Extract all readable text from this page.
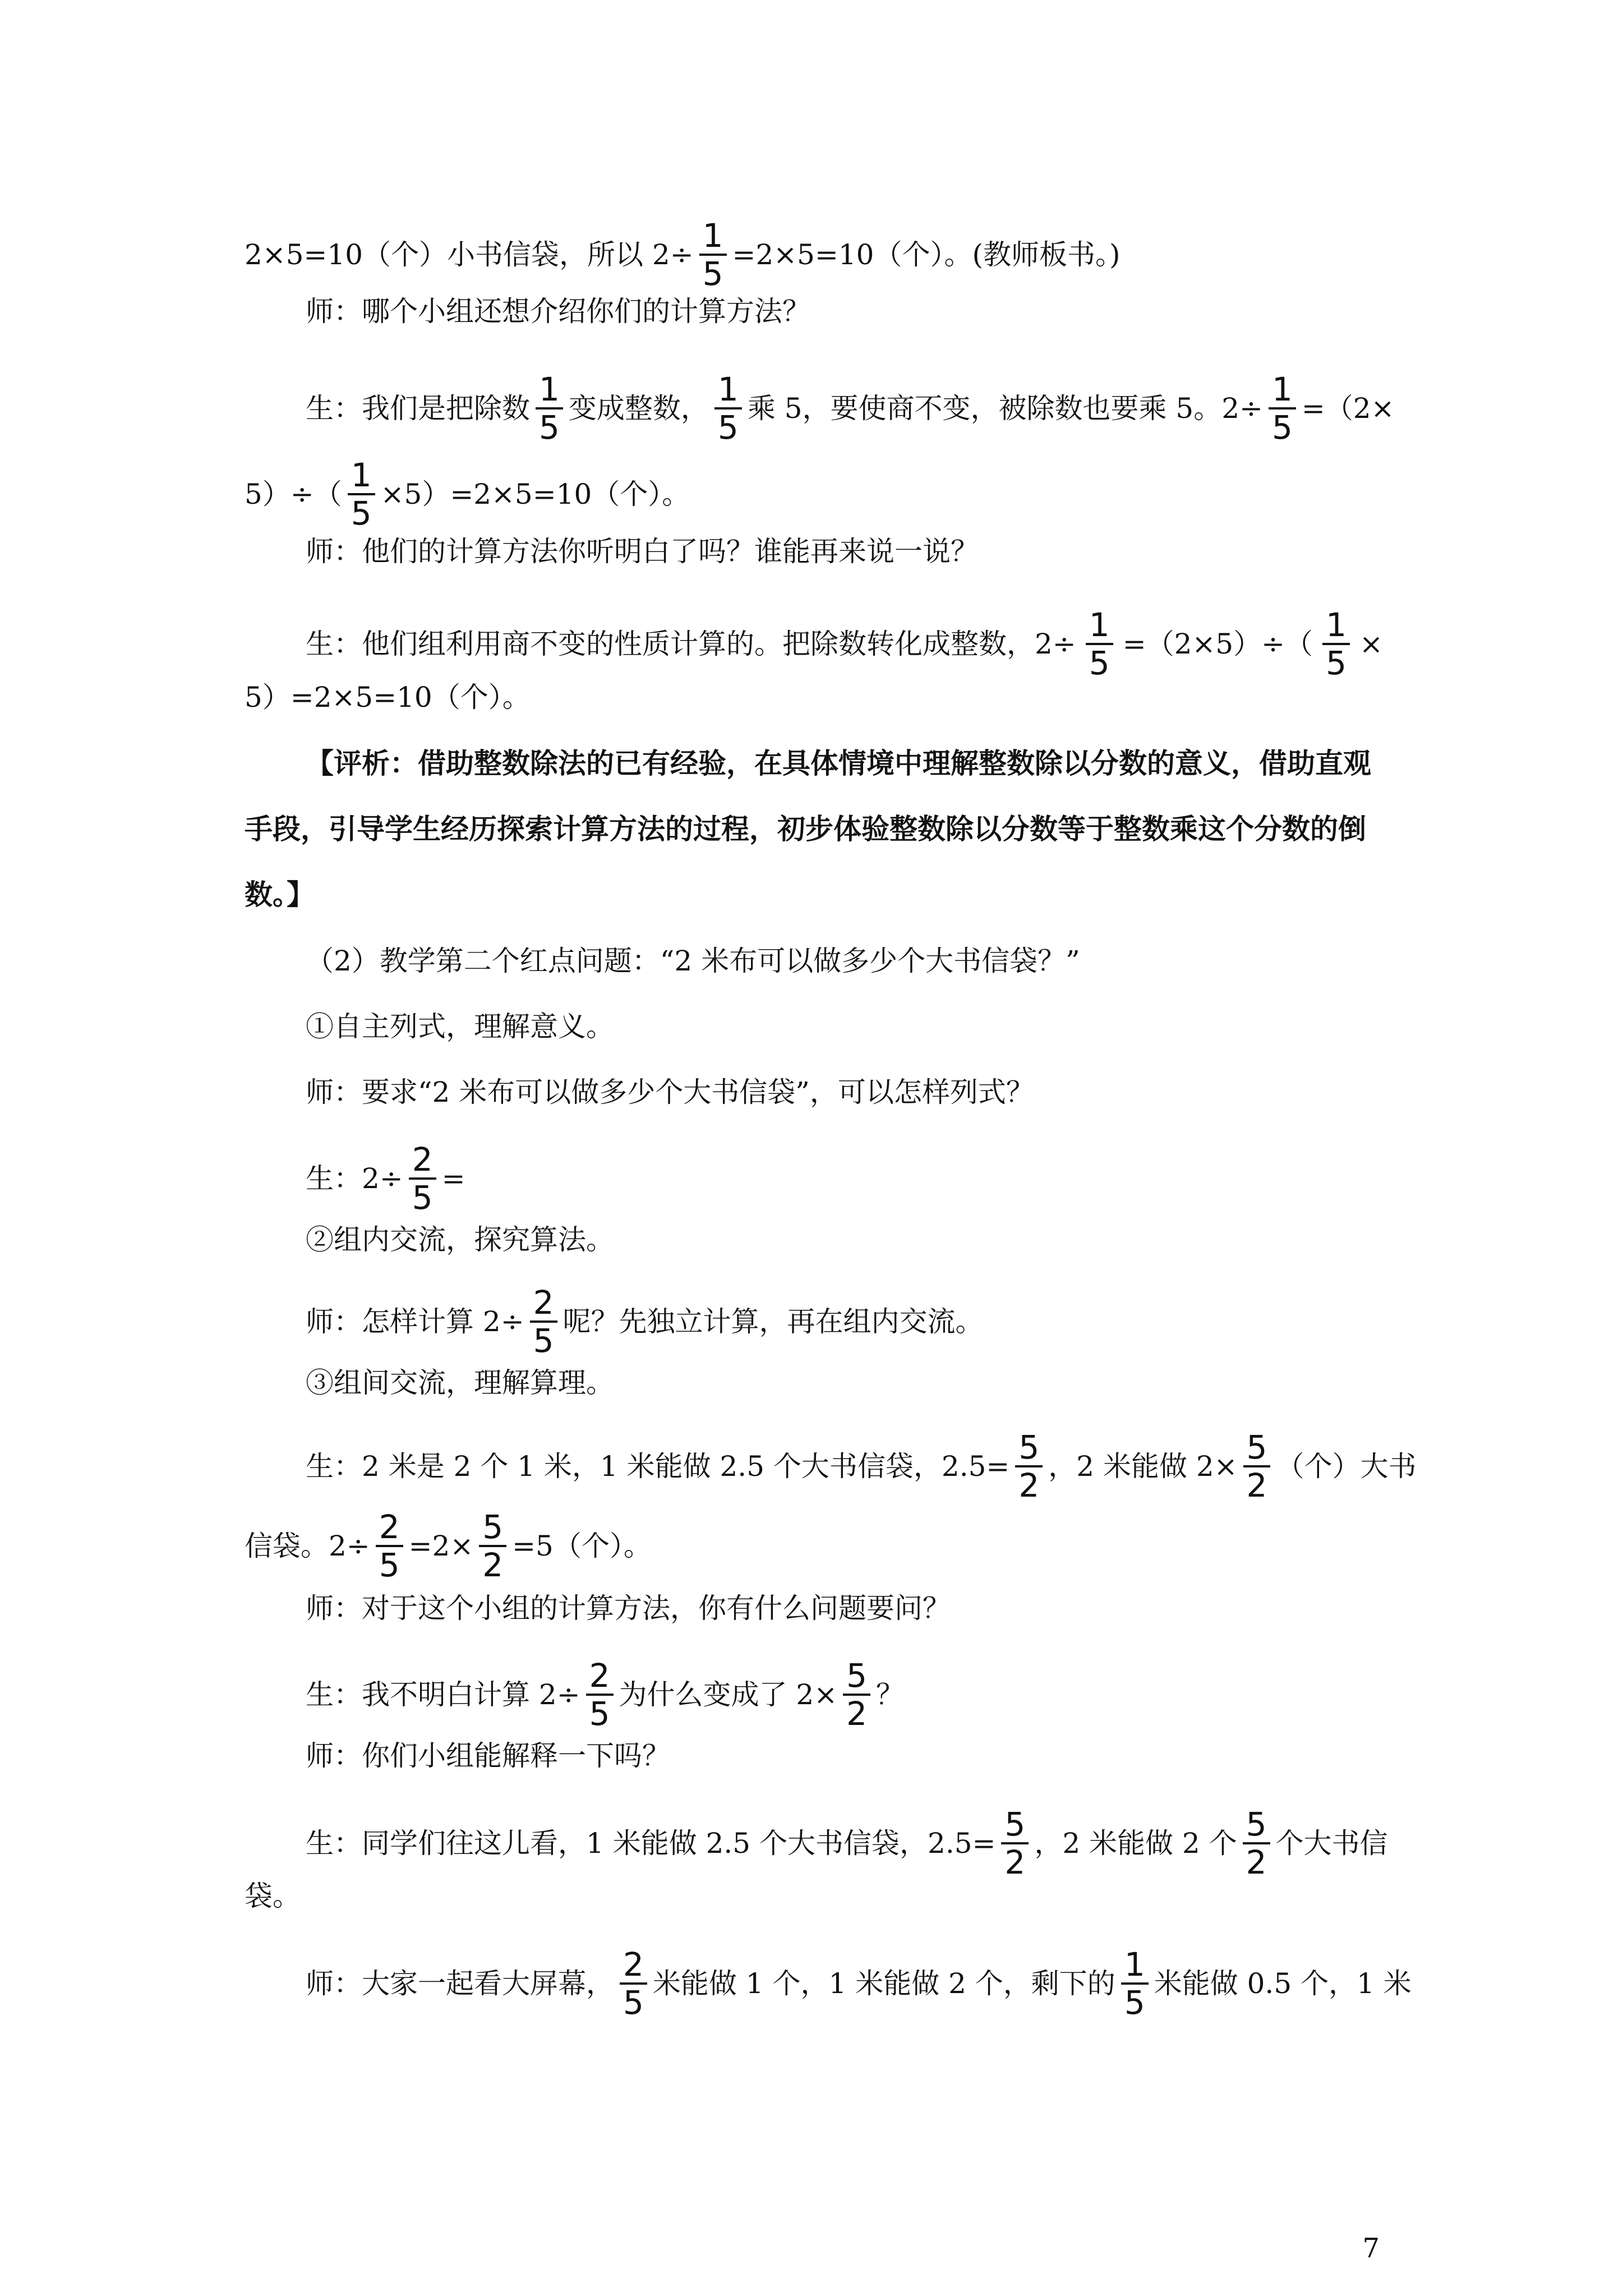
2×5=10（个）小书信袋，所以 $2\div \frac{1}{5} =2\times 5=10$（个）。(教师板书。)
师：哪个小组还想介绍你们的计算方法？
生：我们是把除数 $\frac{1}{5}$ 变成整数， $\frac{1}{5}$ 乘 5，要使商不变，被除数也要乘 5。$2\div \frac{1}{5} =(2\times$
$5)\div( \frac{1}{5} \times 5)=2\times 5=10$（个）。
师：他们的计算方法你听明白了吗？谁能再来说一说？
生：他们组利用商不变的性质计算的。把除数转化成整数，$2\div \frac{1}{5} =(2\times 5)\div( \frac{1}{5}$ ×
5）=2×5=10（个）。
【评析：借助整数除法的已有经验，在具体情境中理解整数除以分数的意义，借助直观
手段，引导学生经历探索计算方法的过程，初步体验整数除以分数等于整数乘这个分数的倒
数。】
（2）教学第二个红点问题：“2 米布可以做多少个大书信袋？”
①自主列式，理解意义。
师：要求“2 米布可以做多少个大书信袋”，可以怎样列式？
生：$2\div \frac{2}{5}$ =
②组内交流，探究算法。
师：怎样计算 $2\div \frac{2}{5}$ 呢？先独立计算，再在组内交流。
③组间交流，理解算理。
生：2 米是 2 个 1 米，1 米能做 2.5 个大书信袋，$2.5= \frac{5}{2}$ ，2 米能做 $2\times \frac{5}{2}$ （个）大书
信袋。$2\div \frac{2}{5} =2\times \frac{5}{2} =5$（个）。
师：对于这个小组的计算方法，你有什么问题要问？
生：我不明白计算 $2\div \frac{2}{5}$ 为什么变成了 $2\times \frac{5}{2}$ ？
师：你们小组能解释一下吗？
生：同学们往这儿看，1 米能做 2.5 个大书信袋，$2.5= \frac{5}{2}$ ，2 米能做 2 个 $\frac{5}{2}$ 个大书信
袋。
师：大家一起看大屏幕， $\frac{2}{5}$ 米能做 1 个，1 米能做 2 个，剩下的 $\frac{1}{5}$ 米能做 0.5 个，1 米
7
